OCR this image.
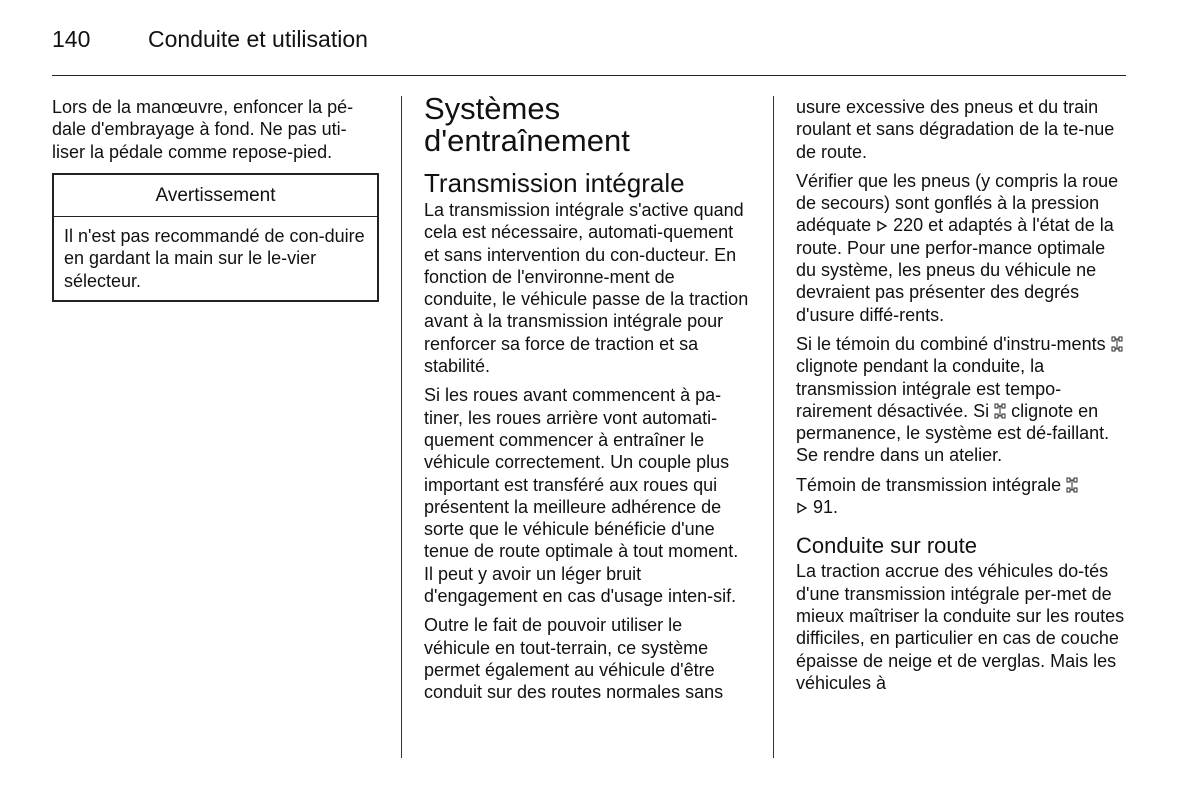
140	Conduite et utilisation

Lors de la manœuvre, enfoncer la pé-dale d'embrayage à fond. Ne pas uti-liser la pédale comme repose-pied.

Avertissement
Il n'est pas recommandé de con-duire en gardant la main sur le le-vier sélecteur.
Systèmes d'entraînement
Transmission intégrale

La transmission intégrale s'active quand cela est nécessaire, automati-quement et sans intervention du con-ducteur. En fonction de l'environne-ment de conduite, le véhicule passe de la traction avant à la transmission intégrale pour renforcer sa force de traction et sa stabilité.

Si les roues avant commencent à pa-tiner, les roues arrière vont automati-quement commencer à entraîner le véhicule correctement. Un couple plus important est transféré aux roues qui présentent la meilleure adhérence de sorte que le véhicule bénéficie d'une tenue de route optimale à tout moment. Il peut y avoir un léger bruit d'engagement en cas d'usage inten-sif.

Outre le fait de pouvoir utiliser le véhicule en tout-terrain, ce système permet également au véhicule d'être conduit sur des routes normales sans

usure excessive des pneus et du train roulant et sans dégradation de la te-nue de route.

Vérifier que les pneus (y compris la roue de secours) sont gonflés à la pression adéquate  220 et adaptés à l'état de la route. Pour une perfor-mance optimale du système, les pneus du véhicule ne devraient pas présenter des degrés d'usure diffé-rents.

Si le témoin du combiné d'instru-ments  clignote pendant la conduite, la transmission intégrale est tempo-rairement désactivée. Si  clignote en permanence, le système est dé-faillant. Se rendre dans un atelier.

Témoin de transmission intégrale
91.

Conduite sur route

La traction accrue des véhicules do-tés d'une transmission intégrale per-met de mieux maîtriser la conduite sur les routes difficiles, en particulier en cas de couche épaisse de neige et de verglas. Mais les véhicules à
